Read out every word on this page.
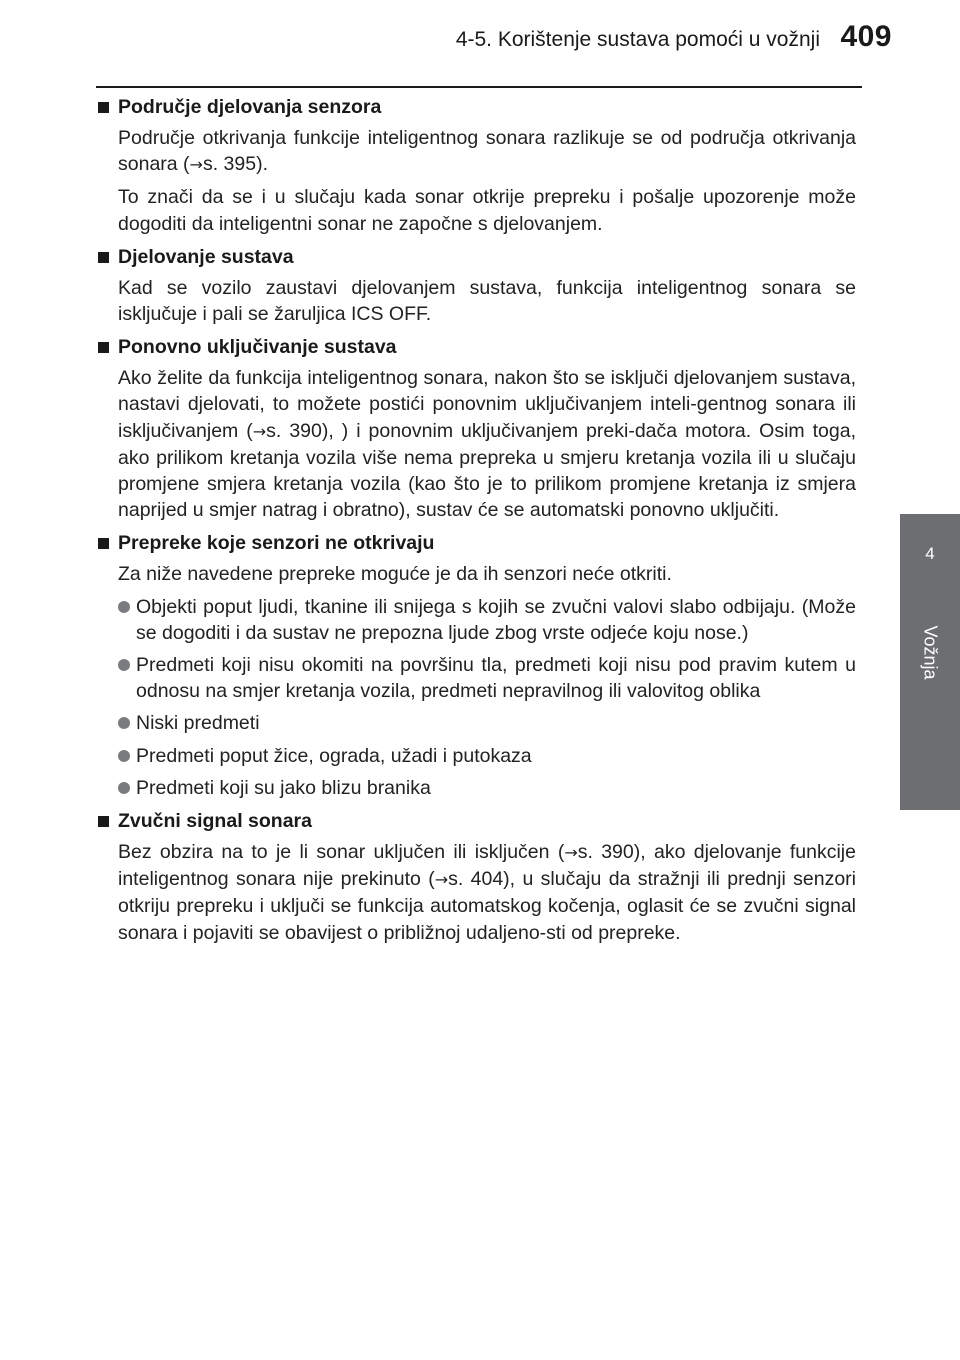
4-5. Korištenje sustava pomoći u vožnji 409
4
Vožnja
Područje djelovanja senzora

Područje otkrivanja funkcije inteligentnog sonara razlikuje se od područja otkrivanja sonara (→s. 395).

To znači da se i u slučaju kada sonar otkrije prepreku i pošalje upozorenje može dogoditi da inteligentni sonar ne započne s djelovanjem.

Djelovanje sustava

Kad se vozilo zaustavi djelovanjem sustava, funkcija inteligentnog sonara se isključuje i pali se žaruljica ICS OFF.

Ponovno uključivanje sustava

Ako želite da funkcija inteligentnog sonara, nakon što se isključi djelovanjem sustava, nastavi djelovati, to možete postići ponovnim uključivanjem inteli-gentnog sonara ili isključivanjem (→s. 390), ) i ponovnim uključivanjem preki-dača motora. Osim toga, ako prilikom kretanja vozila više nema prepreka u smjeru kretanja vozila ili u slučaju promjene smjera kretanja vozila (kao što je to prilikom promjene kretanja iz smjera naprijed u smjer natrag i obratno), sustav će se automatski ponovno uključiti.

Prepreke koje senzori ne otkrivaju

Za niže navedene prepreke moguće je da ih senzori neće otkriti.

Objekti poput ljudi, tkanine ili snijega s kojih se zvučni valovi slabo odbijaju. (Može se dogoditi i da sustav ne prepozna ljude zbog vrste odjeće koju nose.)
Predmeti koji nisu okomiti na površinu tla, predmeti koji nisu pod pravim kutem u odnosu na smjer kretanja vozila, predmeti nepravilnog ili valovitog oblika
Niski predmeti
Predmeti poput žice, ograda, užadi i putokaza
Predmeti koji su jako blizu branika
Zvučni signal sonara

Bez obzira na to je li sonar uključen ili isključen (→s. 390), ako djelovanje funkcije inteligentnog sonara nije prekinuto (→s. 404), u slučaju da stražnji ili prednji senzori otkriju prepreku i uključi se funkcija automatskog kočenja, oglasit će se zvučni signal sonara i pojaviti se obavijest o približnoj udaljeno-sti od prepreke.
